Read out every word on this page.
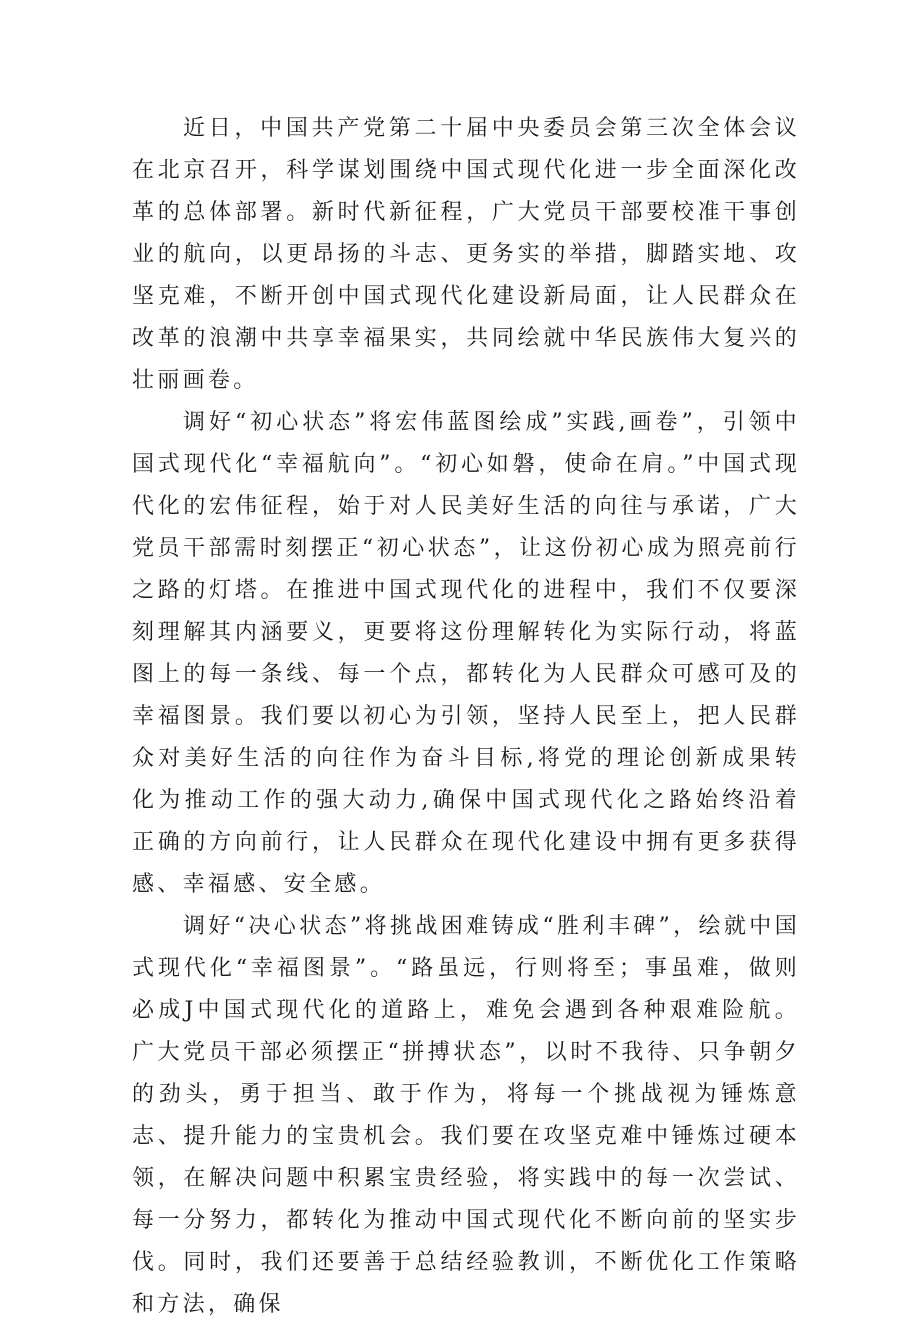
近日，中国共产党第二十届中央委员会第三次全体会议在北京召开，科学谋划围绕中国式现代化进一步全面深化改革的总体部署。新时代新征程，广大党员干部要校准干事创业的航向，以更昂扬的斗志、更务实的举措，脚踏实地、攻坚克难，不断开创中国式现代化建设新局面，让人民群众在改革的浪潮中共享幸福果实，共同绘就中华民族伟大复兴的壮丽画卷。

调好“初心状态”将宏伟蓝图绘成”实践,画卷”，引领中国式现代化“幸福航向”。“初心如磐，使命在肩。”中国式现代化的宏伟征程，始于对人民美好生活的向往与承诺，广大党员干部需时刻摆正“初心状态”，让这份初心成为照亮前行之路的灯塔。在推进中国式现代化的进程中，我们不仅要深刻理解其内涵要义，更要将这份理解转化为实际行动，将蓝图上的每一条线、每一个点，都转化为人民群众可感可及的幸福图景。我们要以初心为引领，坚持人民至上，把人民群众对美好生活的向往作为奋斗目标,将党的理论创新成果转化为推动工作的强大动力,确保中国式现代化之路始终沿着正确的方向前行，让人民群众在现代化建设中拥有更多获得感、幸福感、安全感。

调好“决心状态”将挑战困难铸成“胜利丰碑”，绘就中国式现代化“幸福图景”。“路虽远，行则将至；事虽难，做则必成J中国式现代化的道路上，难免会遇到各种艰难险航。广大党员干部必须摆正“拼搏状态”，以时不我待、只争朝夕的劲头，勇于担当、敢于作为，将每一个挑战视为锤炼意志、提升能力的宝贵机会。我们要在攻坚克难中锤炼过硬本领，在解决问题中积累宝贵经验，将实践中的每一次尝试、每一分努力，都转化为推动中国式现代化不断向前的坚实步伐。同时，我们还要善于总结经验教训，不断优化工作策略和方法，确保
